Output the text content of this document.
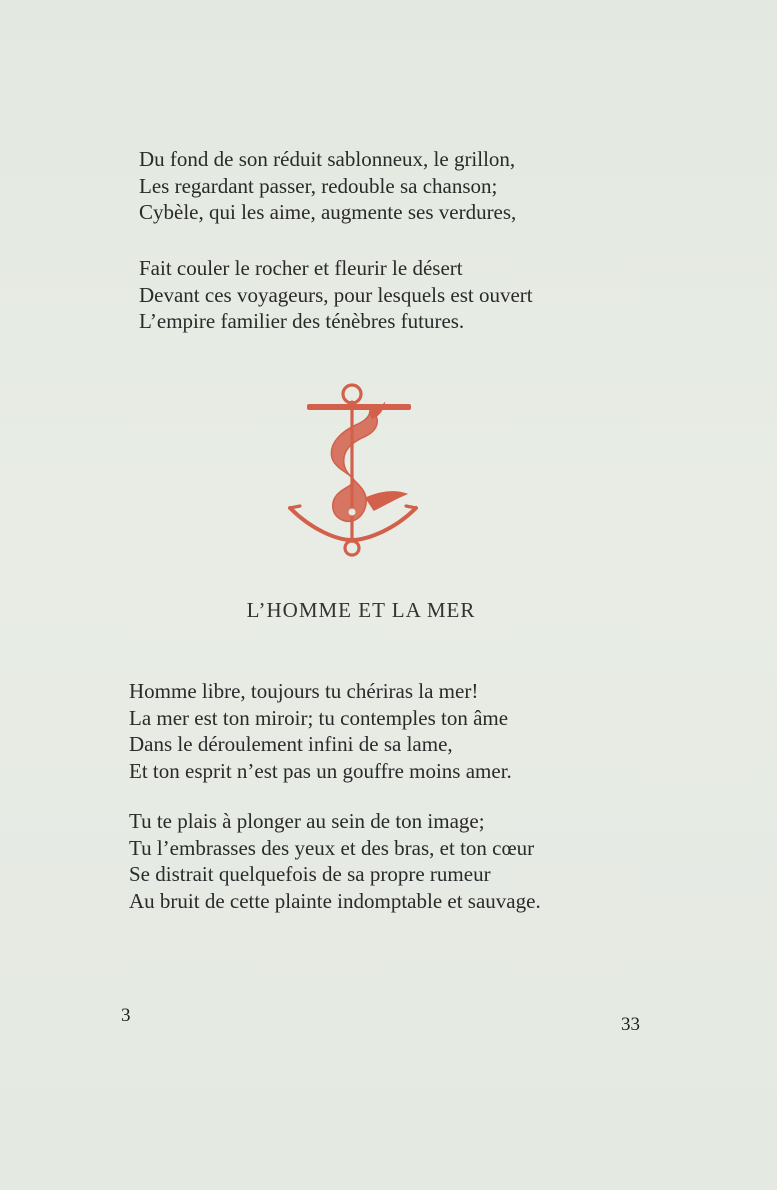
Du fond de son réduit sablonneux, le grillon,
Les regardant passer, redouble sa chanson;
Cybèle, qui les aime, augmente ses verdures,
Fait couler le rocher et fleurir le désert
Devant ces voyageurs, pour lesquels est ouvert
L’empire familier des ténèbres futures.
L’HOMME ET LA MER
Homme libre, toujours tu chériras la mer!
La mer est ton miroir; tu contemples ton âme
Dans le déroulement infini de sa lame,
Et ton esprit n’est pas un gouffre moins amer.
Tu te plais à plonger au sein de ton image;
Tu l’embrasses des yeux et des bras, et ton cœur
Se distrait quelquefois de sa propre rumeur
Au bruit de cette plainte indomptable et sauvage.
3	33
